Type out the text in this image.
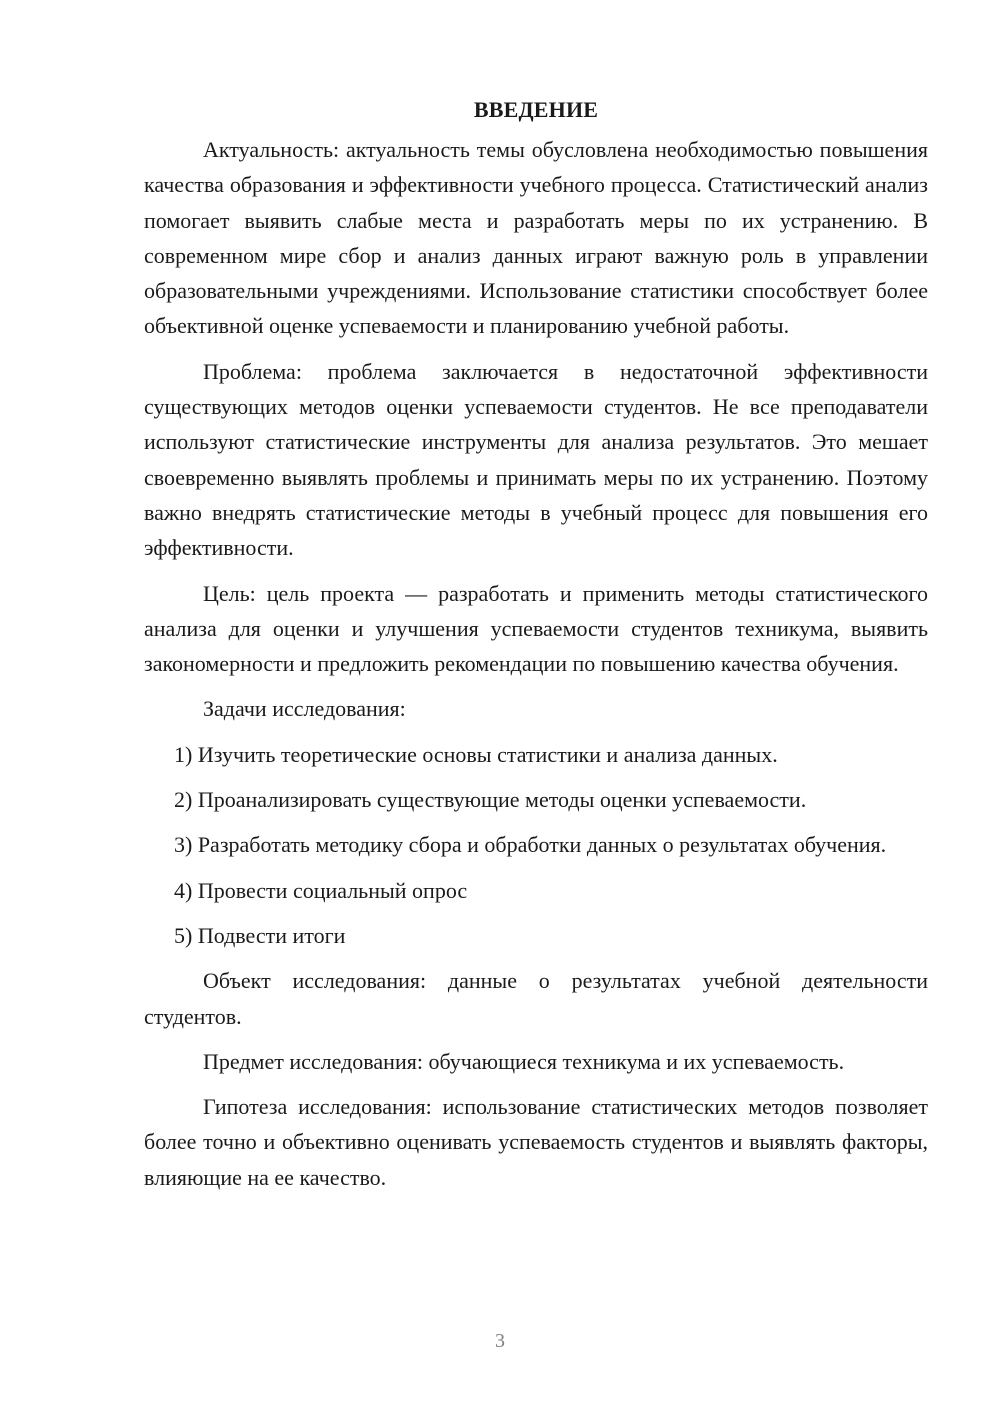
ВВЕДЕНИЕ

Актуальность: актуальность темы обусловлена необходимостью повышения качества образования и эффективности учебного процесса. Статистический анализ помогает выявить слабые места и разработать меры по их устранению. В современном мире сбор и анализ данных играют важную роль в управлении образовательными учреждениями. Использование статистики способствует более объективной оценке успеваемости и планированию учебной работы.

Проблема: проблема заключается в недостаточной эффективности существующих методов оценки успеваемости студентов. Не все преподаватели используют статистические инструменты для анализа результатов. Это мешает своевременно выявлять проблемы и принимать меры по их устранению. Поэтому важно внедрять статистические методы в учебный процесс для повышения его эффективности.

Цель: цель проекта — разработать и применить методы статистического анализа для оценки и улучшения успеваемости студентов техникума, выявить закономерности и предложить рекомендации по повышению качества обучения.

Задачи исследования:

1) Изучить теоретические основы статистики и анализа данных.

2) Проанализировать существующие методы оценки успеваемости.

3) Разработать методику сбора и обработки данных о результатах обучения.

4) Провести социальный опрос

5) Подвести итоги

Объект исследования: данные о результатах учебной деятельности студентов.

Предмет исследования: обучающиеся техникума и их успеваемость.

Гипотеза исследования: использование статистических методов позволяет более точно и объективно оценивать успеваемость студентов и выявлять факторы, влияющие на ее качество.

3
